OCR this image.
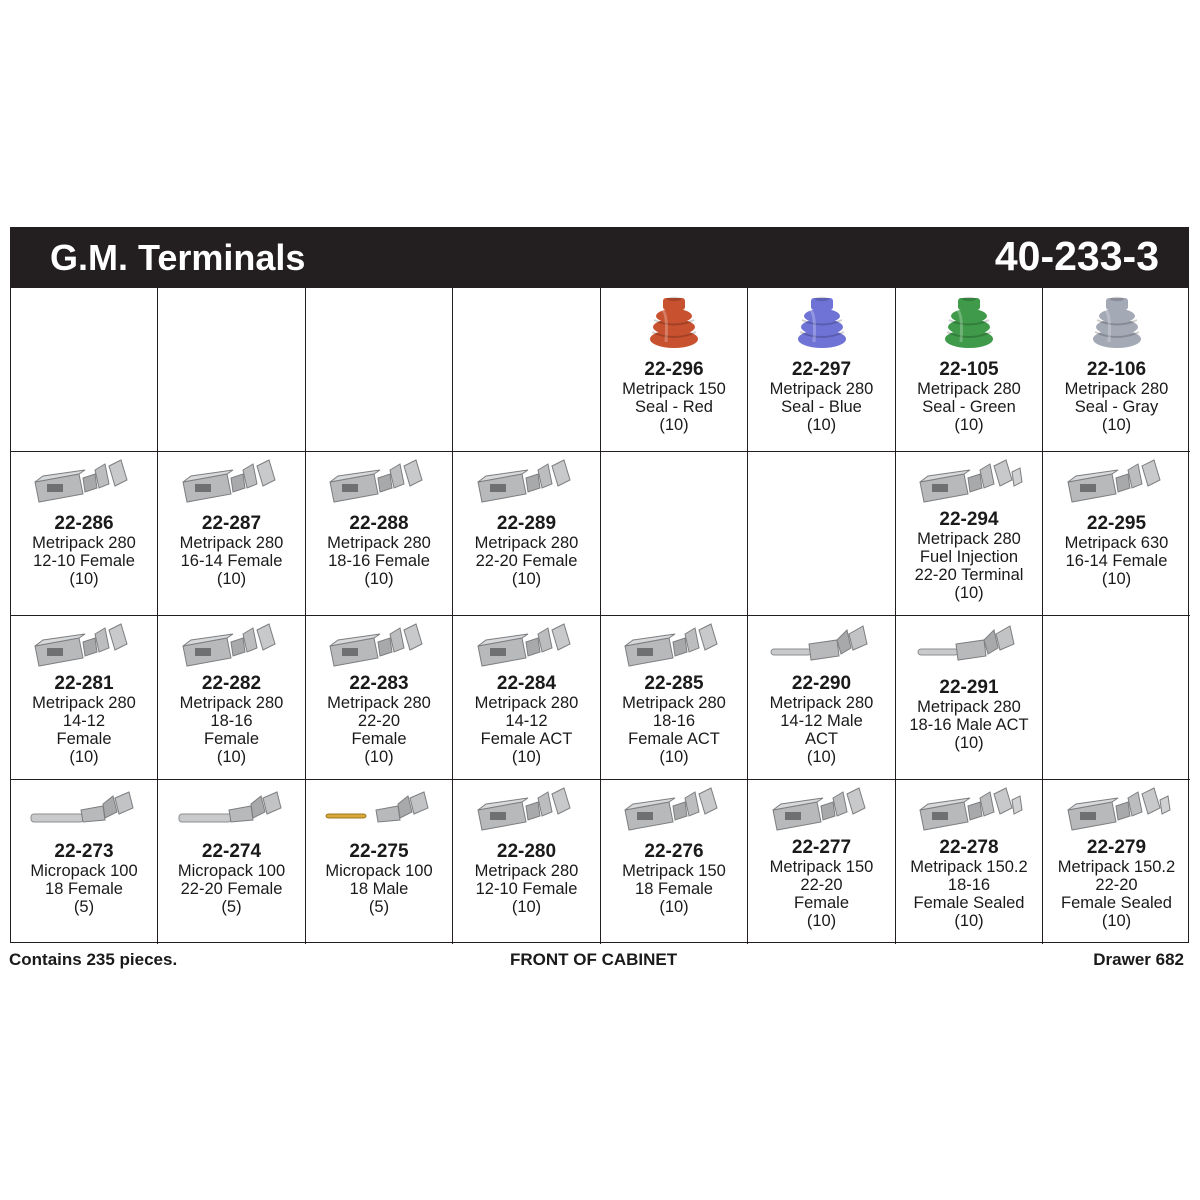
G.M. Terminals	40-233-3
22-296
Metripack 150
Seal - Red
(10)
22-297
Metripack 280
Seal - Blue
(10)
22-105
Metripack 280
Seal - Green
(10)
22-106
Metripack 280
Seal - Gray
(10)
22-286
Metripack 280
12-10 Female
(10)
22-287
Metripack 280
16-14 Female
(10)
22-288
Metripack 280
18-16 Female
(10)
22-289
Metripack 280
22-20 Female
(10)
22-294
Metripack 280
Fuel Injection
22-20 Terminal
(10)
22-295
Metripack 630
16-14 Female
(10)
22-281
Metripack 280
14-12
Female
(10)
22-282
Metripack 280
18-16
Female
(10)
22-283
Metripack 280
22-20
Female
(10)
22-284
Metripack 280
14-12
Female ACT
(10)
22-285
Metripack 280
18-16
Female ACT
(10)
22-290
Metripack 280
14-12 Male
ACT
(10)
22-291
Metripack 280
18-16 Male ACT
(10)
22-273
Micropack 100
18 Female
(5)
22-274
Micropack 100
22-20 Female
(5)
22-275
Micropack 100
18 Male
(5)
22-280
Metripack 280
12-10 Female
(10)
22-276
Metripack 150
18 Female
(10)
22-277
Metripack 150
22-20
Female
(10)
22-278
Metripack 150.2
18-16
Female Sealed
(10)
22-279
Metripack 150.2
22-20
Female Sealed
(10)
Contains 235 pieces.	FRONT OF CABINET	Drawer 682
